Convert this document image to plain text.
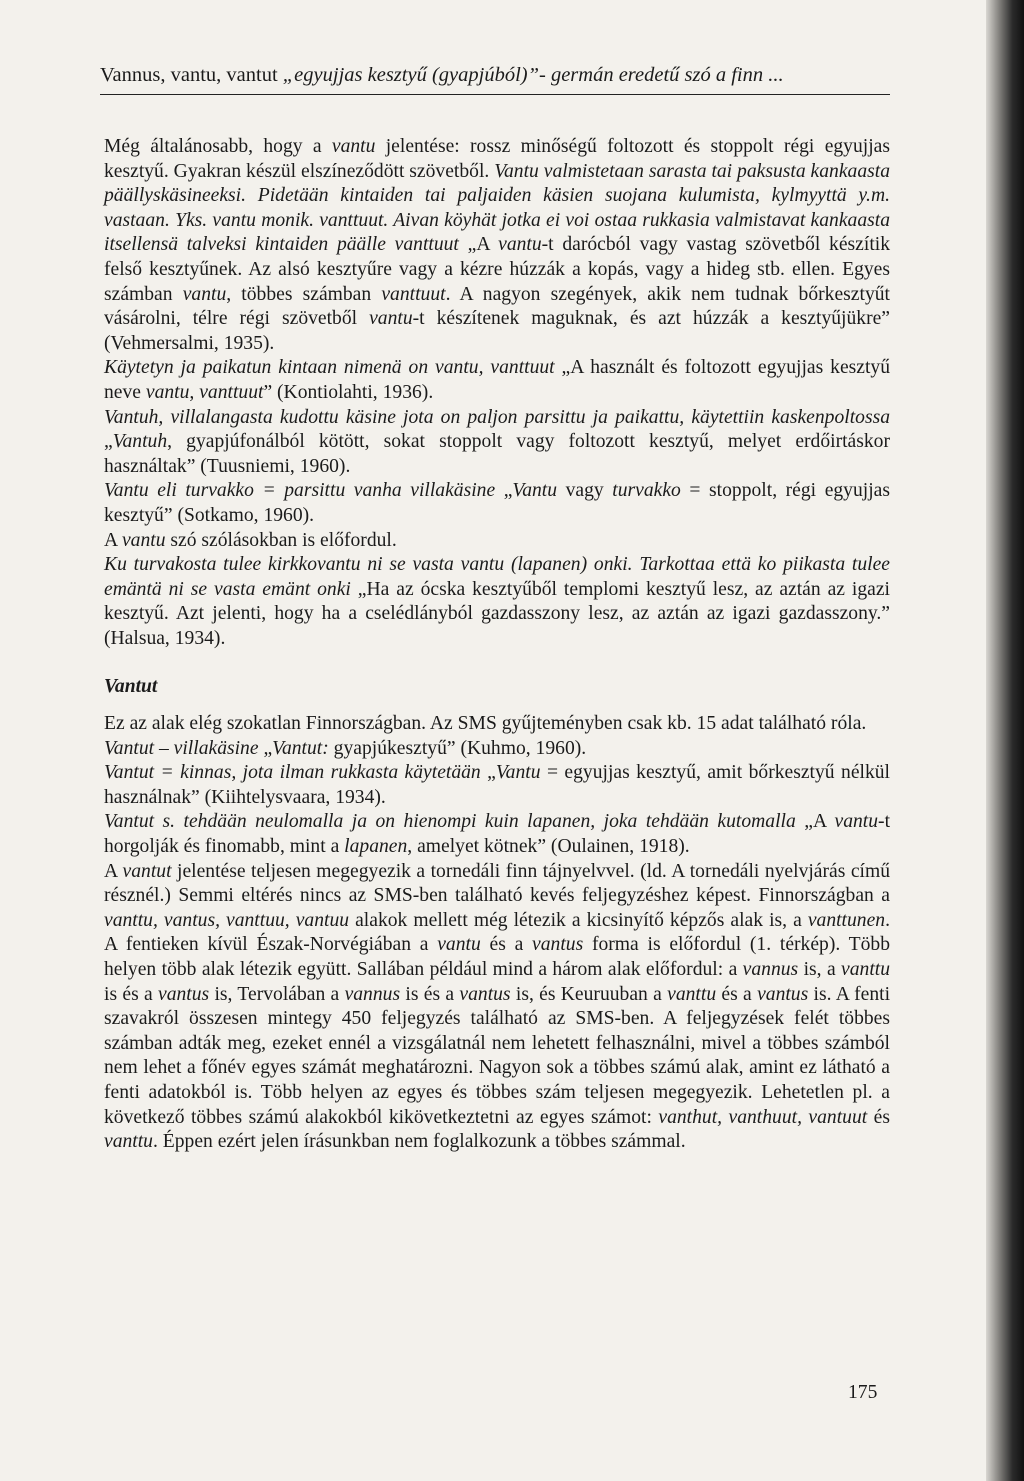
Vannus, vantu, vantut „egyujjas kesztyű (gyapjúból)”- germán eredetű szó a finn ...

Még általánosabb, hogy a vantu jelentése: rossz minőségű foltozott és stoppolt régi egyujjas kesztyű. Gyakran készül elszíneződött szövetből. Vantu valmistetaan sarasta tai paksusta kankaasta päällyskäsineeksi. Pidetään kintaiden tai paljaiden käsien suojana kulumista, kylmyyttä y.m. vastaan. Yks. vantu monik. vanttuut. Aivan köyhät jotka ei voi ostaa rukkasia valmistavat kankaasta itsellensä talveksi kintaiden päälle vanttuut „A vantu-t darócból vagy vastag szövetből készítik felső kesztyűnek. Az alsó kesztyűre vagy a kézre húzzák a kopás, vagy a hideg stb. ellen. Egyes számban vantu, többes számban vanttuut. A nagyon szegények, akik nem tudnak bőrkesztyűt vásárolni, télre régi szövetből vantu-t készítenek maguknak, és azt húzzák a kesztyűjükre” (Vehmersalmi, 1935).

Käytetyn ja paikatun kintaan nimenä on vantu, vanttuut „A használt és foltozott egyujjas kesztyű neve vantu, vanttuut” (Kontiolahti, 1936).

Vantuh, villalangasta kudottu käsine jota on paljon parsittu ja paikattu, käytettiin kaskenpoltossa „Vantuh, gyapjúfonálból kötött, sokat stoppolt vagy foltozott kesztyű, melyet erdőirtáskor használtak” (Tuusniemi, 1960).

Vantu eli turvakko = parsittu vanha villakäsine „Vantu vagy turvakko = stoppolt, régi egyujjas kesztyű” (Sotkamo, 1960).

A vantu szó szólásokban is előfordul.

Ku turvakosta tulee kirkkovantu ni se vasta vantu (lapanen) onki. Tarkottaa että ko piikasta tulee emäntä ni se vasta emänt onki „Ha az ócska kesztyűből templomi kesztyű lesz, az aztán az igazi kesztyű. Azt jelenti, hogy ha a cselédlányból gazdasszony lesz, az aztán az igazi gazdasszony.” (Halsua, 1934).

Vantut

Ez az alak elég szokatlan Finnországban. Az SMS gyűjteményben csak kb. 15 adat található róla.

Vantut – villakäsine „Vantut: gyapjúkesztyű” (Kuhmo, 1960).

Vantut = kinnas, jota ilman rukkasta käytetään „Vantu = egyujjas kesztyű, amit bőrkesztyű nélkül használnak” (Kiihtelysvaara, 1934).

Vantut s. tehdään neulomalla ja on hienompi kuin lapanen, joka tehdään kutomalla „A vantu-t horgolják és finomabb, mint a lapanen, amelyet kötnek” (Oulainen, 1918).

A vantut jelentése teljesen megegyezik a tornedáli finn tájnyelvvel. (ld. A tornedáli nyelvjárás című résznél.) Semmi eltérés nincs az SMS-ben található kevés feljegyzéshez képest. Finnországban a vanttu, vantus, vanttuu, vantuu alakok mellett még létezik a kicsinyítő képzős alak is, a vanttunen. A fentieken kívül Észak-Norvégiában a vantu és a vantus forma is előfordul (1. térkép). Több helyen több alak létezik együtt. Sallában például mind a három alak előfordul: a vannus is, a vanttu is és a vantus is, Tervolában a vannus is és a vantus is, és Keuruuban a vanttu és a vantus is. A fenti szavakról összesen mintegy 450 feljegyzés található az SMS-ben. A feljegyzések felét többes számban adták meg, ezeket ennél a vizsgálatnál nem lehetett felhasználni, mivel a többes számból nem lehet a főnév egyes számát meghatározni. Nagyon sok a többes számú alak, amint ez látható a fenti adatokból is. Több helyen az egyes és többes szám teljesen megegyezik. Lehetetlen pl. a következő többes számú alakokból kikövetkeztetni az egyes számot: vanthut, vanthuut, vantuut és vanttu. Éppen ezért jelen írásunkban nem foglalkozunk a többes számmal.

175
